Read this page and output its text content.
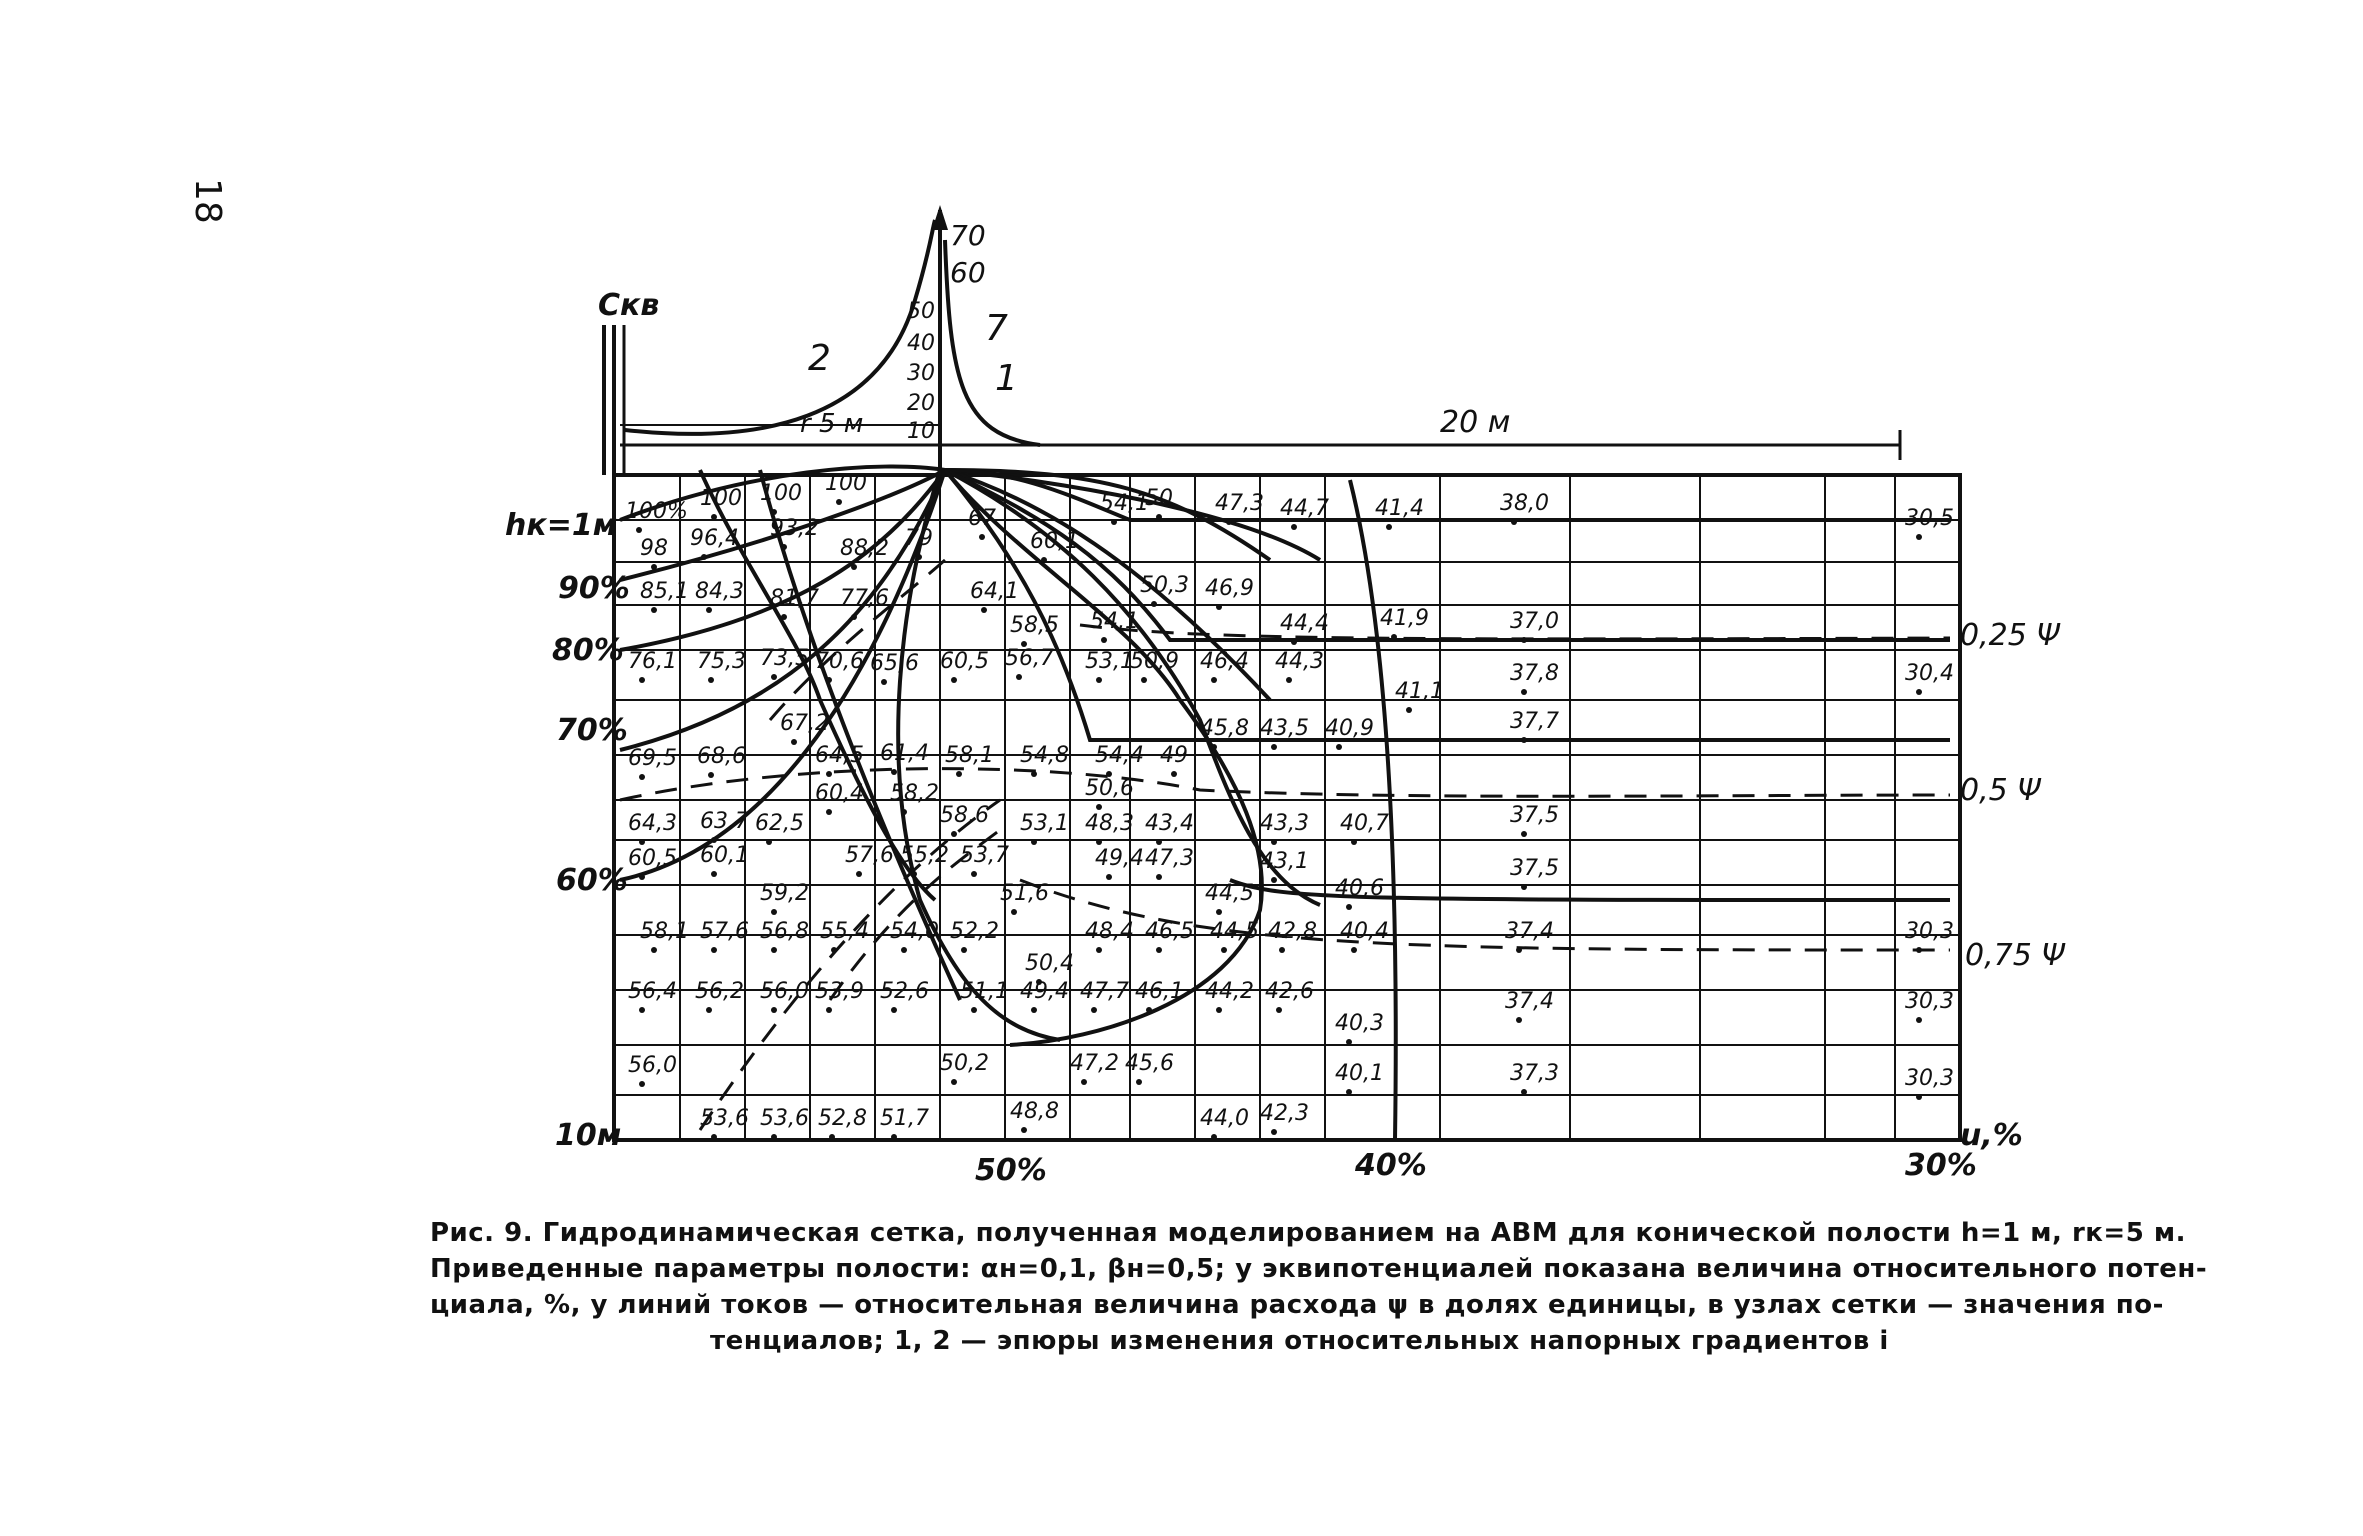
18
100%
100 100 100
54,1
50 47,3 44,7 41,4	38,0
30,5
98 96,4 93,2
88,2 79
67
60,1
85,1 84,3 81,7 77,6	64,1	50,3 46,9
58,5 54,1	44,4 41,9	37,0
76,1 75,3 73,5 70,6 65,6 60,5 56,7 53,1
50,9 46,4 44,3
41,1
37,8	30,4
67,2	45,8 43,5 40,9	37,7
69,5 68,6	64,5 61,4 58,1 54,8 54,4 49
60,4 58,2	50,6
64,3 63,7 62,5	58,6 53,1 48,3 43,4	43,3 40,7	37,5
60,5 60,1	57,6 55,2 53,7	49,4 47,3	43,1	37,5
59,2	51,6	44,5	40,6
58,1 57,6 56,8 55,4 54,0 52,2	48,4 46,5 44,5 42,8 40,4	37,4	30,3
50,4
56,4 56,2 56,0 53,9 52,6 51,1 49,4 47,7 46,1 44,2 42,6	37,4	30,3
40,3
56,0	50,2	47,2 45,6	40,1	37,3	30,3
53,6 53,6 52,8 51,7	48,8	44,0 42,3
Скв
hк=1м
r 5 м	20 м
2
7
1
70
60
50
40
30
20
10
90%
80%
70%
60%
10м
50%	40%	30%
u,%
0,25 Ψ
0,5 Ψ
0,75 Ψ
Рис. 9. Гидродинамическая сетка, полученная моделированием на АВМ для конической полости h=1 м, rк=5 м.
Приведенные параметры полости: αн=0,1, βн=0,5; у эквипотенциалей показана величина относительного потен-
циала, %, у линий токов — относительная величина расхода ψ в долях единицы, в узлах сетки — значения по-
тенциалов; 1, 2 — эпюры изменения относительных напорных градиентов i
